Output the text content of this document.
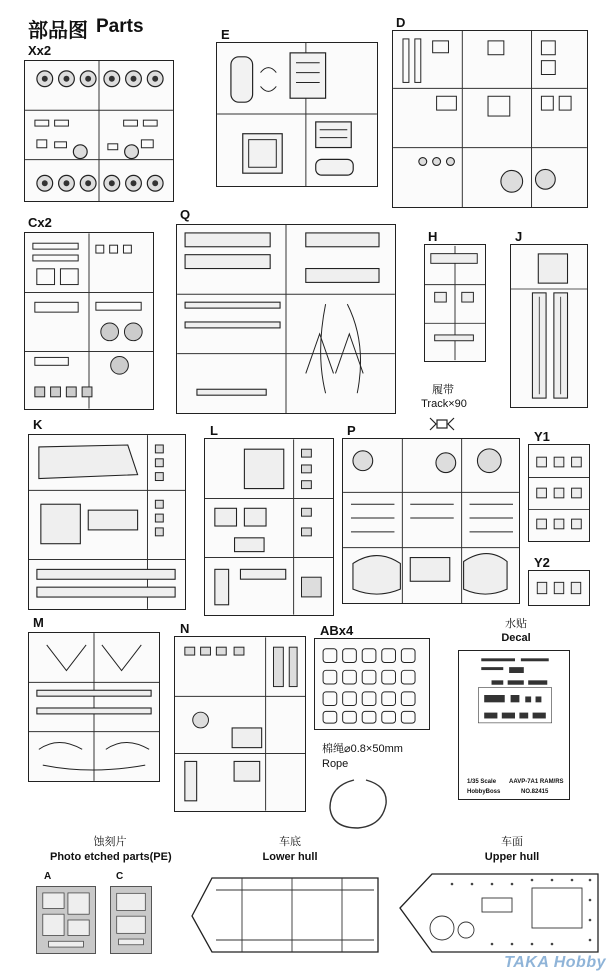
部品图 Parts
Xx2
E
D
Cx2
Q
H	J
履带
Track×90
K	L	P	Y1
Y2
M	N	ABx4
棉绳⌀0.8×50mm
Rope
水贴
Decal
1/35 Scale AAVP-7A1 RAM/RS
HobbyBoss	NO.82415
蚀刻片
Photo etched parts(PE)
A	C
车底
Lower hull
车面
Upper hull
TAKA Hobby
